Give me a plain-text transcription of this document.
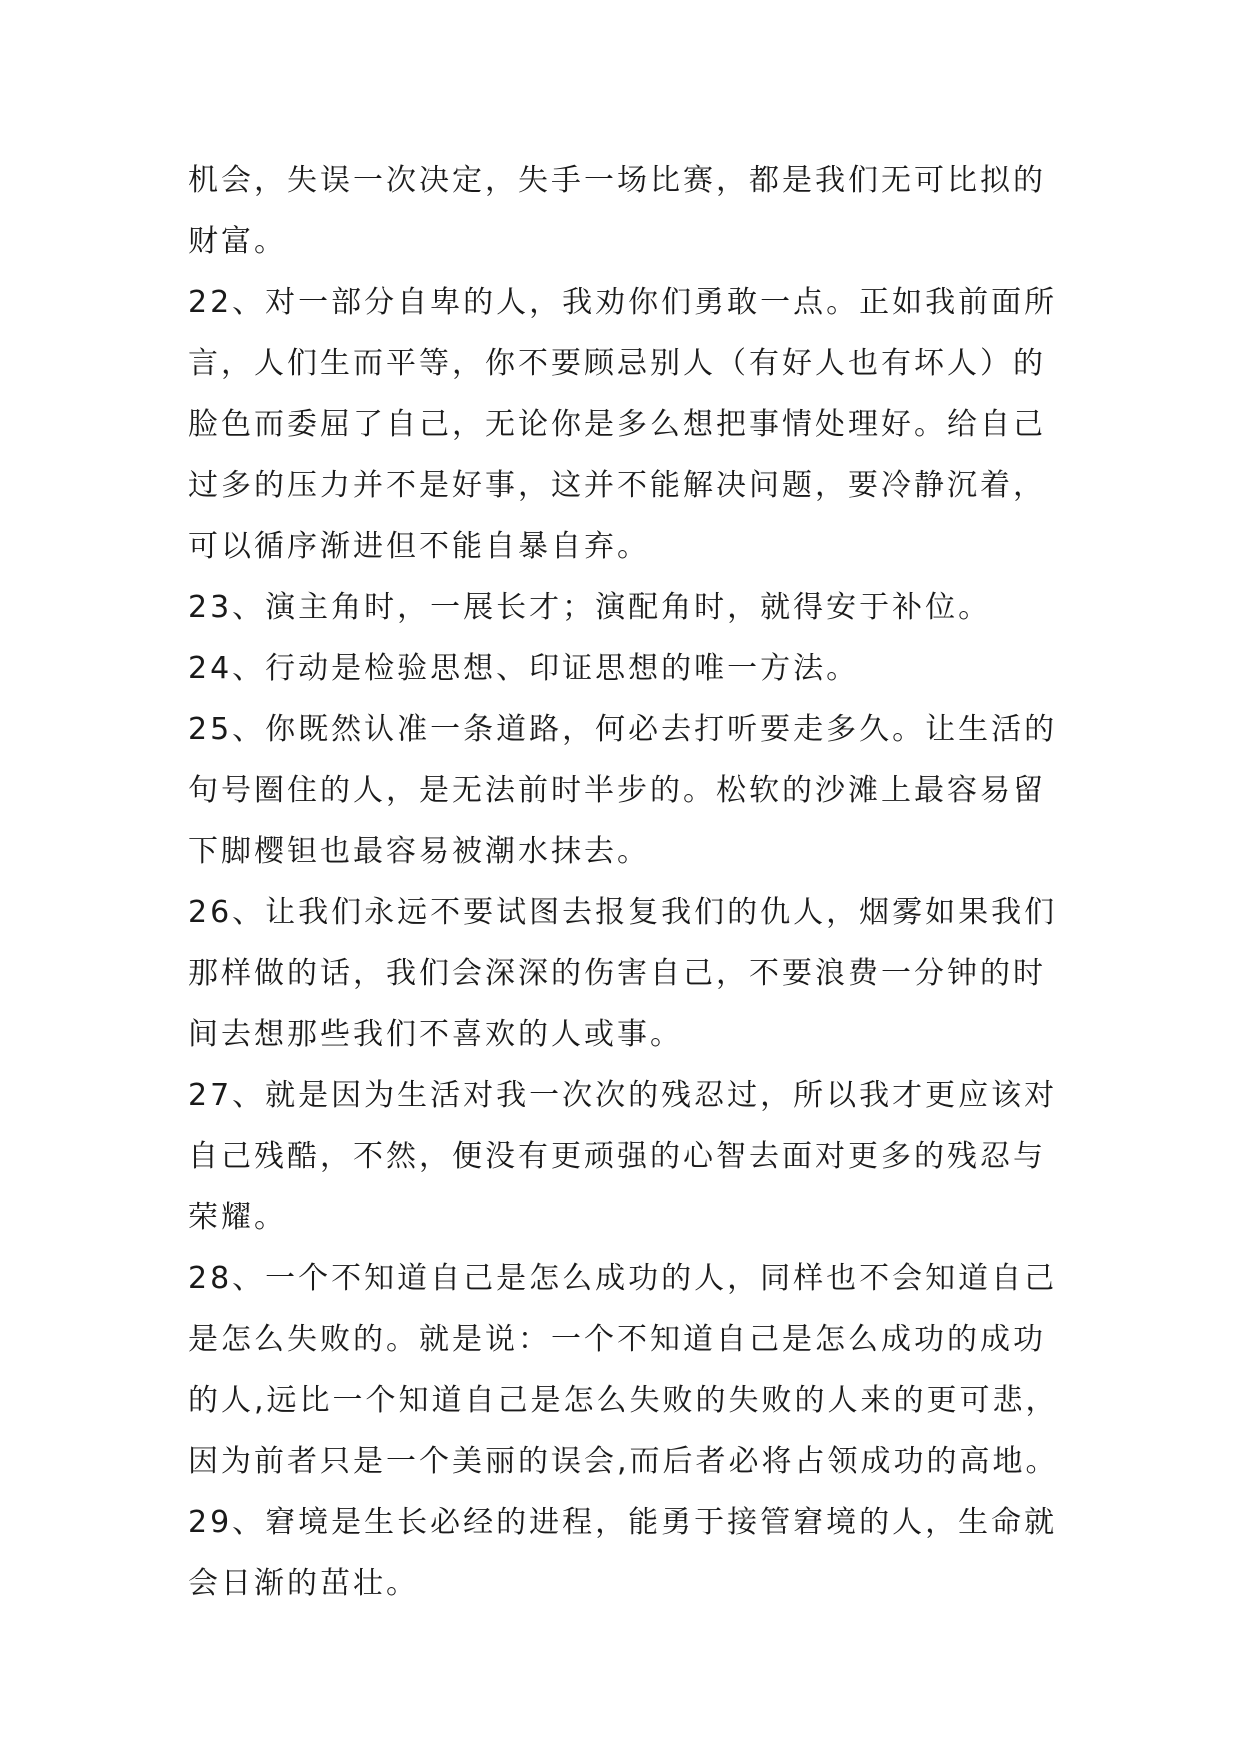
机会，失误一次决定，失手一场比赛，都是我们无可比拟的
财富。
22、对一部分自卑的人，我劝你们勇敢一点。正如我前面所
言，人们生而平等，你不要顾忌别人（有好人也有坏人）的
脸色而委屈了自己，无论你是多么想把事情处理好。给自己
过多的压力并不是好事，这并不能解决问题，要冷静沉着，
可以循序渐进但不能自暴自弃。
23、演主角时，一展长才；演配角时，就得安于补位。
24、行动是检验思想、印证思想的唯一方法。
25、你既然认准一条道路，何必去打听要走多久。让生活的
句号圈住的人，是无法前时半步的。松软的沙滩上最容易留
下脚樱钽也最容易被潮水抹去。
26、让我们永远不要试图去报复我们的仇人，烟雾如果我们
那样做的话，我们会深深的伤害自己，不要浪费一分钟的时
间去想那些我们不喜欢的人或事。
27、就是因为生活对我一次次的残忍过，所以我才更应该对
自己残酷，不然，便没有更顽强的心智去面对更多的残忍与
荣耀。
28、一个不知道自己是怎么成功的人，同样也不会知道自己
是怎么失败的。就是说：一个不知道自己是怎么成功的成功
的人,远比一个知道自己是怎么失败的失败的人来的更可悲，
因为前者只是一个美丽的误会,而后者必将占领成功的高地。
29、窘境是生长必经的进程，能勇于接管窘境的人，生命就
会日渐的茁壮。
